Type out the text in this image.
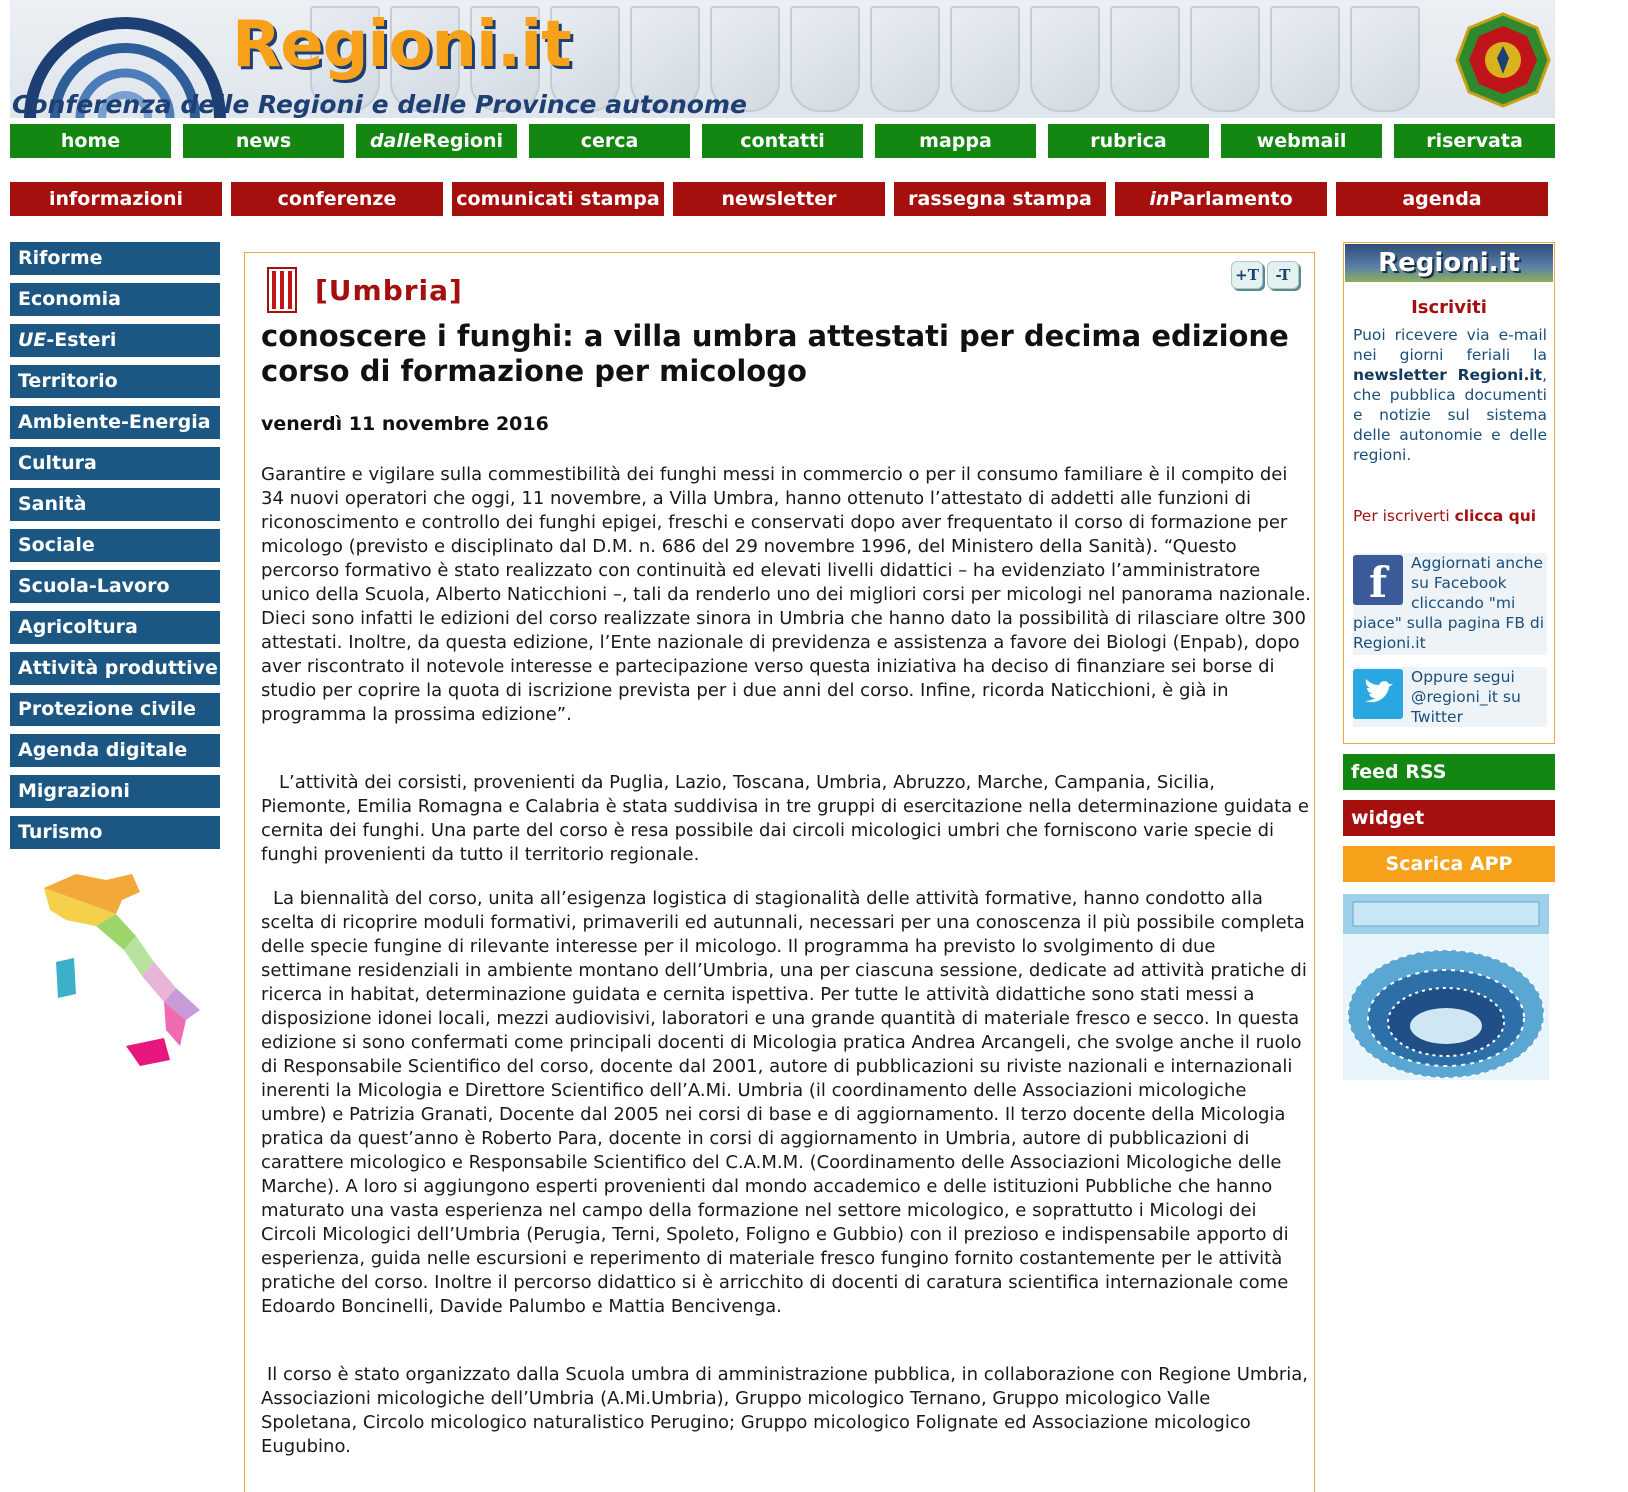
Regioni.it
Conferenza delle Regioni e delle Province autonome
home	news	dalleRegioni	cerca	contatti	mappa	rubrica	webmail	riservata
informazioni	conferenze	comunicati stampa	newsletter	rassegna stampa	inParlamento	agenda
Riforme
Economia
UE-Esteri
Territorio
Ambiente-Energia
Cultura
Sanità
Sociale
Scuola-Lavoro
Agricoltura
Attività produttive
Protezione civile
Agenda digitale
Migrazioni
Turismo
[Umbria]	+T	-T
conoscere i funghi: a villa umbra attestati per decima edizione corso di formazione per micologo
venerdì 11 novembre 2016

Garantire e vigilare sulla commestibilità dei funghi messi in commercio o per il consumo familiare è il compito dei 34 nuovi operatori che oggi, 11 novembre, a Villa Umbra, hanno ottenuto l’attestato di addetti alle funzioni di riconoscimento e controllo dei funghi epigei, freschi e conservati dopo aver frequentato il corso di formazione per micologo (previsto e disciplinato dal D.M. n. 686 del 29 novembre 1996, del Ministero della Sanità). “Questo percorso formativo è stato realizzato con continuità ed elevati livelli didattici – ha evidenziato l’amministratore unico della Scuola, Alberto Naticchioni –, tali da renderlo uno dei migliori corsi per micologi nel panorama nazionale. Dieci sono infatti le edizioni del corso realizzate sinora in Umbria che hanno dato la possibilità di rilasciare oltre 300 attestati. Inoltre, da questa edizione, l’Ente nazionale di previdenza e assistenza a favore dei Biologi (Enpab), dopo aver riscontrato il notevole interesse e partecipazione verso questa iniziativa ha deciso di finanziare sei borse di studio per coprire la quota di iscrizione prevista per i due anni del corso. Infine, ricorda Naticchioni, è già in programma la prossima edizione”.

L’attività dei corsisti, provenienti da Puglia, Lazio, Toscana, Umbria, Abruzzo, Marche, Campania, Sicilia, Piemonte, Emilia Romagna e Calabria è stata suddivisa in tre gruppi di esercitazione nella determinazione guidata e cernita dei funghi. Una parte del corso è resa possibile dai circoli micologici umbri che forniscono varie specie di funghi provenienti da tutto il territorio regionale.

La biennalità del corso, unita all’esigenza logistica di stagionalità delle attività formative, hanno condotto alla scelta di ricoprire moduli formativi, primaverili ed autunnali, necessari per una conoscenza il più possibile completa delle specie fungine di rilevante interesse per il micologo. Il programma ha previsto lo svolgimento di due settimane residenziali in ambiente montano dell’Umbria, una per ciascuna sessione, dedicate ad attività pratiche di ricerca in habitat, determinazione guidata e cernita ispettiva. Per tutte le attività didattiche sono stati messi a disposizione idonei locali, mezzi audiovisivi, laboratori e una grande quantità di materiale fresco e secco. In questa edizione si sono confermati come principali docenti di Micologia pratica Andrea Arcangeli, che svolge anche il ruolo di Responsabile Scientifico del corso, docente dal 2001, autore di pubblicazioni su riviste nazionali e internazionali inerenti la Micologia e Direttore Scientifico dell’A.Mi. Umbria (il coordinamento delle Associazioni micologiche umbre) e Patrizia Granati, Docente dal 2005 nei corsi di base e di aggiornamento. Il terzo docente della Micologia pratica da quest’anno è Roberto Para, docente in corsi di aggiornamento in Umbria, autore di pubblicazioni di carattere micologico e Responsabile Scientifico del C.A.M.M. (Coordinamento delle Associazioni Micologiche delle Marche). A loro si aggiungono esperti provenienti dal mondo accademico e delle istituzioni Pubbliche che hanno maturato una vasta esperienza nel campo della formazione nel settore micologico, e soprattutto i Micologi dei Circoli Micologici dell’Umbria (Perugia, Terni, Spoleto, Foligno e Gubbio) con il prezioso e indispensabile apporto di esperienza, guida nelle escursioni e reperimento di materiale fresco fungino fornito costantemente per le attività pratiche del corso. Inoltre il percorso didattico si è arricchito di docenti di caratura scientifica internazionale come Edoardo Boncinelli, Davide Palumbo e Mattia Bencivenga.

Il corso è stato organizzato dalla Scuola umbra di amministrazione pubblica, in collaborazione con Regione Umbria, Associazioni micologiche dell’Umbria (A.Mi.Umbria), Gruppo micologico Ternano, Gruppo micologico Valle Spoletana, Circolo micologico naturalistico Perugino; Gruppo micologico Folignate ed Associazione micologico Eugubino.

Regioni.it
Iscriviti
Puoi ricevere via e-mail nei giorni feriali la newsletter Regioni.it, che pubblica documenti e notizie sul sistema delle autonomie e delle regioni.
Per iscriverti clicca qui
f	Aggiornati anche su Facebook cliccando "mi piace" sulla pagina FB di Regioni.it
Oppure segui @regioni_it su Twitter
feed RSS
widget
Scarica APP
